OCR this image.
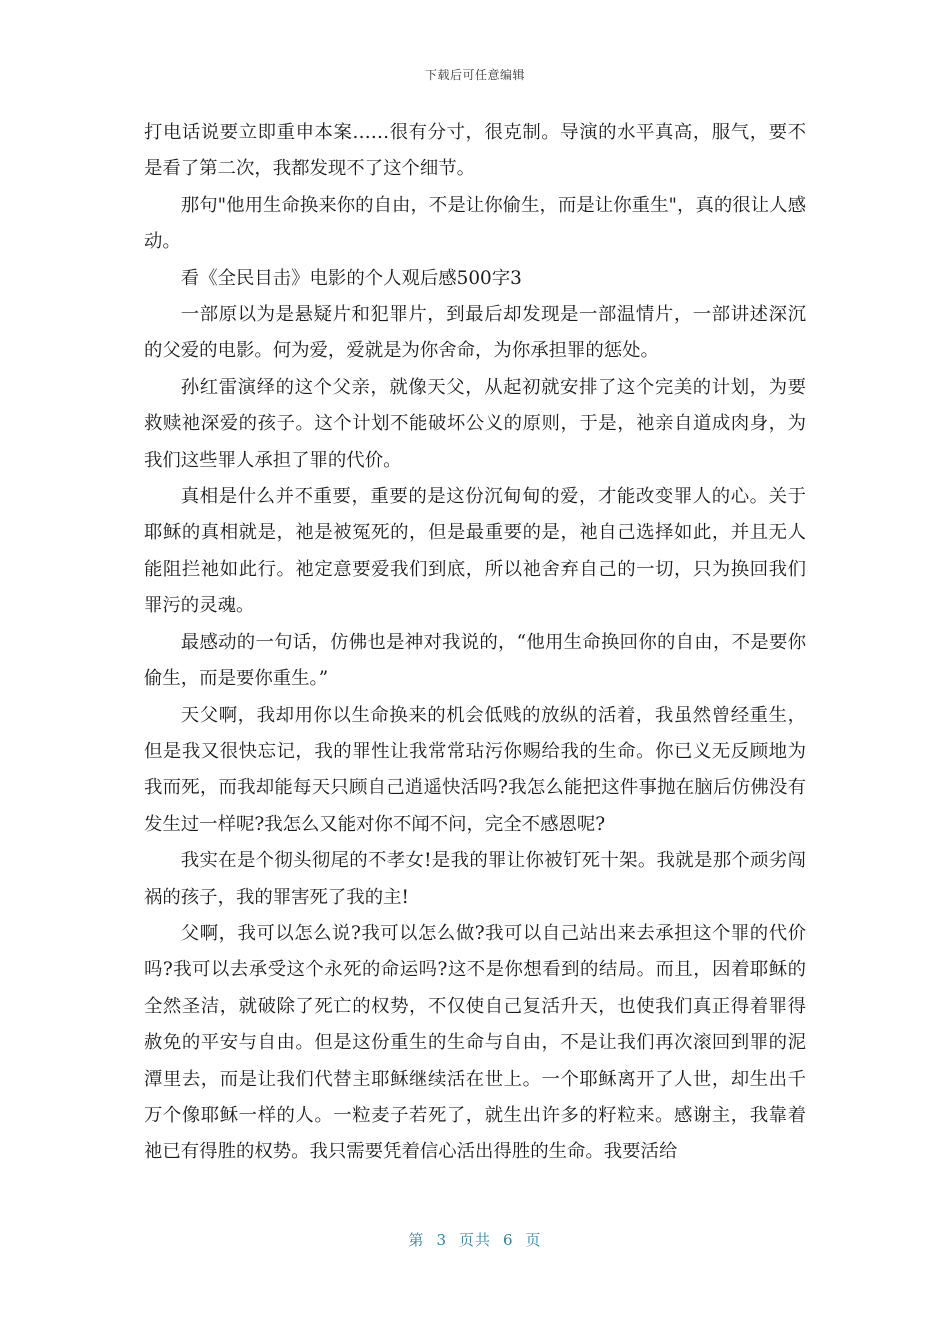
下载后可任意编辑

打电话说要立即重申本案……很有分寸，很克制。导演的水平真高，服气，要不是看了第二次，我都发现不了这个细节。

那句"他用生命换来你的自由，不是让你偷生，而是让你重生"，真的很让人感动。

看《全民目击》电影的个人观后感500字3

一部原以为是悬疑片和犯罪片，到最后却发现是一部温情片，一部讲述深沉的父爱的电影。何为爱，爱就是为你舍命，为你承担罪的惩处。

孙红雷演绎的这个父亲，就像天父，从起初就安排了这个完美的计划，为要救赎祂深爱的孩子。这个计划不能破坏公义的原则，于是，祂亲自道成肉身，为我们这些罪人承担了罪的代价。

真相是什么并不重要，重要的是这份沉甸甸的爱，才能改变罪人的心。关于耶稣的真相就是，祂是被冤死的，但是最重要的是，祂自己选择如此，并且无人能阻拦祂如此行。祂定意要爱我们到底，所以祂舍弃自己的一切，只为换回我们罪污的灵魂。

最感动的一句话，仿佛也是神对我说的，“他用生命换回你的自由，不是要你偷生，而是要你重生。”

天父啊，我却用你以生命换来的机会低贱的放纵的活着，我虽然曾经重生，但是我又很快忘记，我的罪性让我常常玷污你赐给我的生命。你已义无反顾地为我而死，而我却能每天只顾自己逍遥快活吗?我怎么能把这件事抛在脑后仿佛没有发生过一样呢?我怎么又能对你不闻不问，完全不感恩呢?

我实在是个彻头彻尾的不孝女!是我的罪让你被钉死十架。我就是那个顽劣闯祸的孩子，我的罪害死了我的主!

父啊，我可以怎么说?我可以怎么做?我可以自己站出来去承担这个罪的代价吗?我可以去承受这个永死的命运吗?这不是你想看到的结局。而且，因着耶稣的全然圣洁，就破除了死亡的权势，不仅使自己复活升天，也使我们真正得着罪得赦免的平安与自由。但是这份重生的生命与自由，不是让我们再次滚回到罪的泥潭里去，而是让我们代替主耶稣继续活在世上。一个耶稣离开了人世，却生出千万个像耶稣一样的人。一粒麦子若死了，就生出许多的籽粒来。感谢主，我靠着祂已有得胜的权势。我只需要凭着信心活出得胜的生命。我要活给

第 3 页共 6 页
